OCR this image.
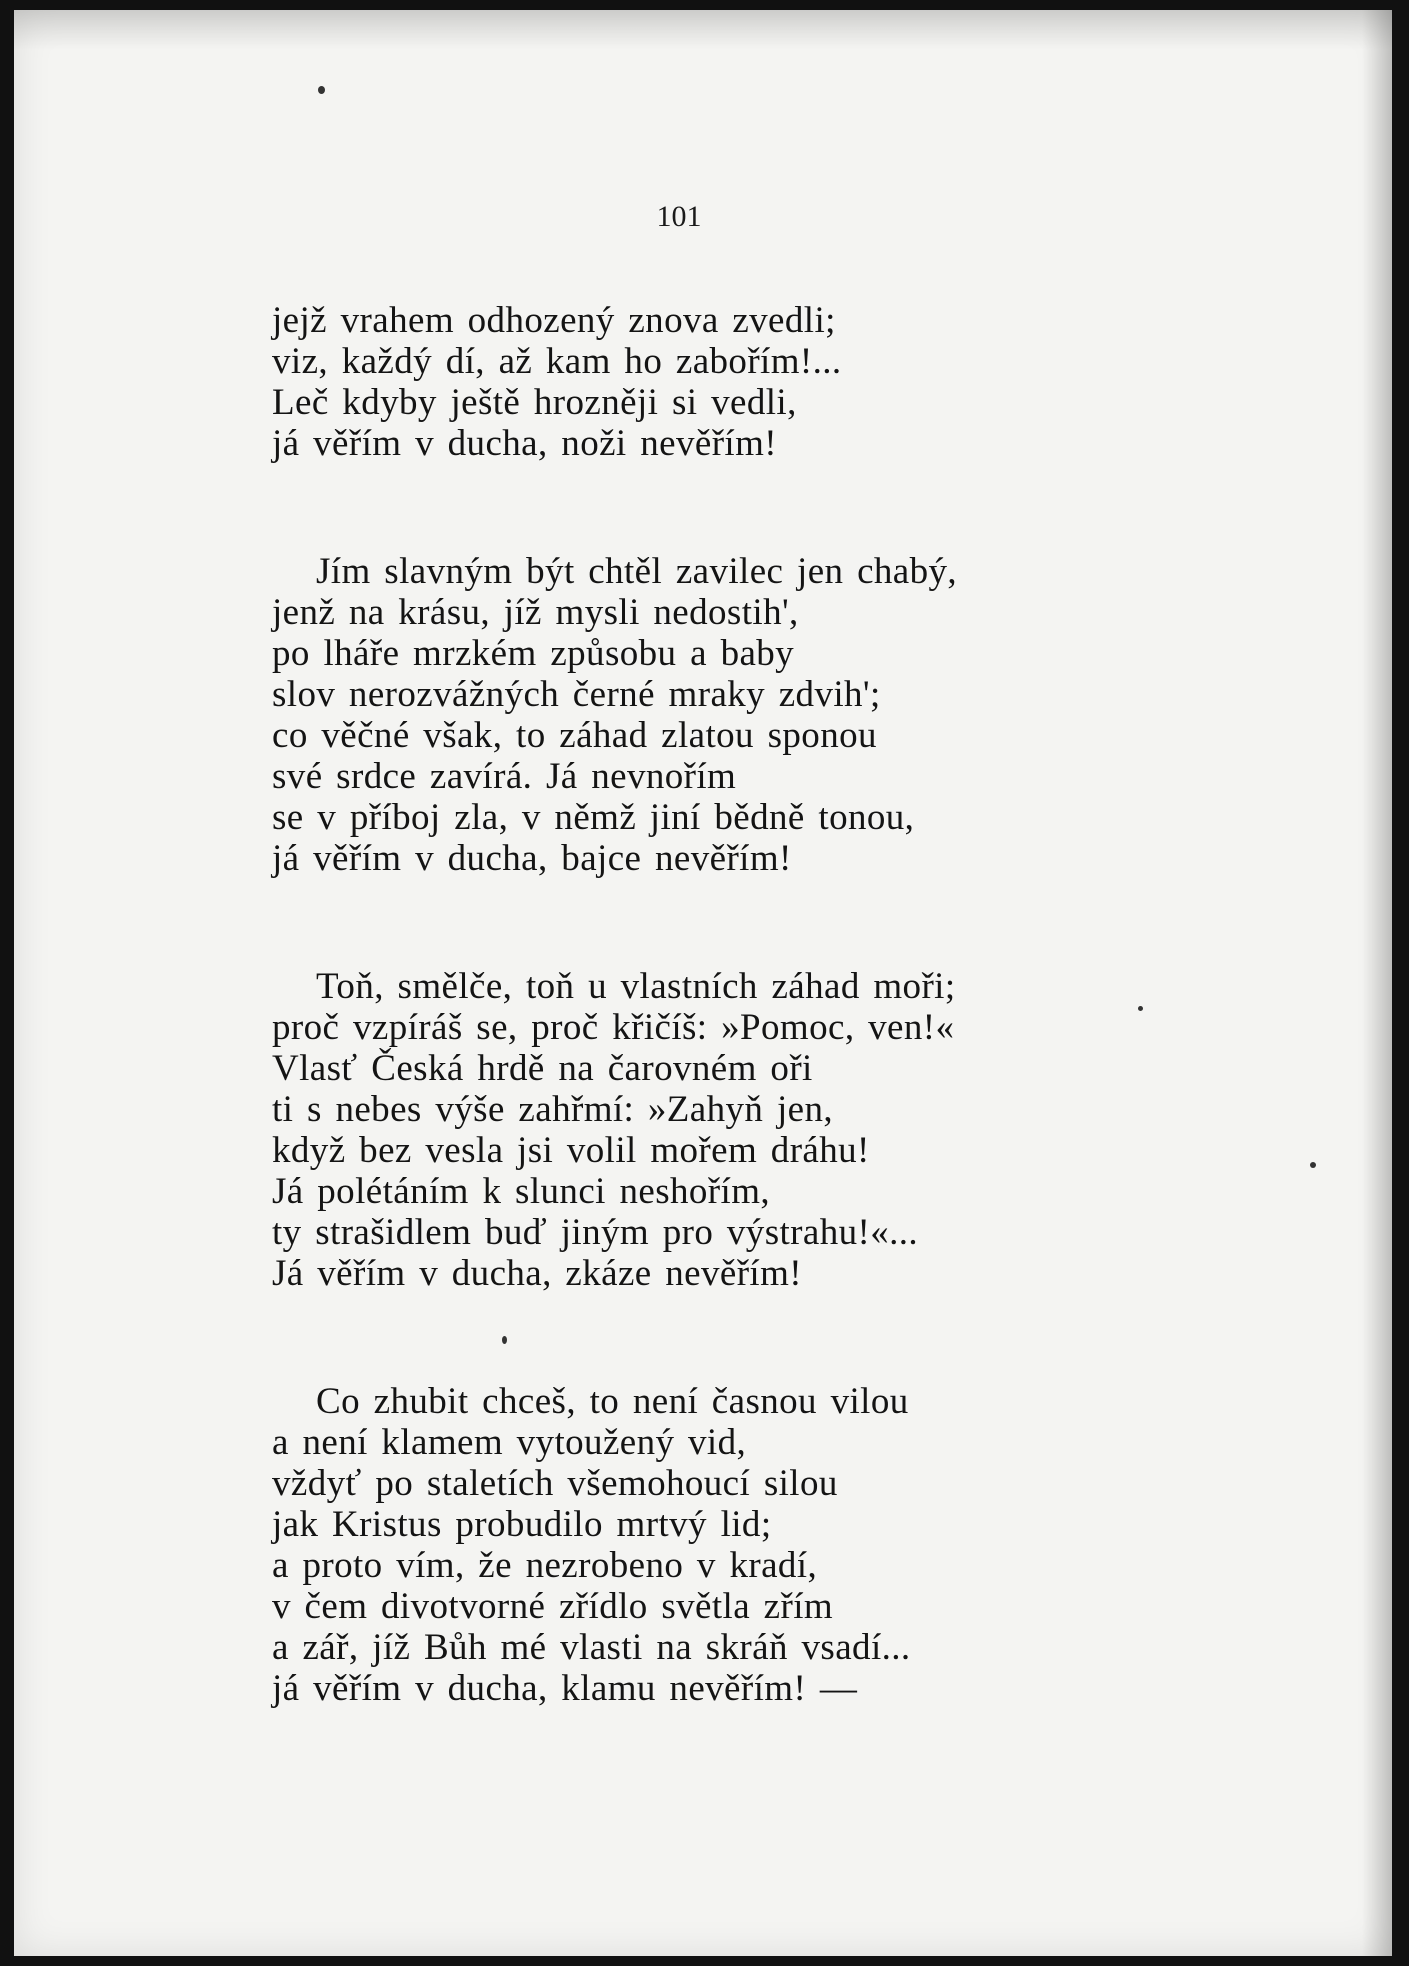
101
jejž vrahem odhozený znova zvedli;
viz, každý dí, až kam ho zabořím!...
Leč kdyby ještě hrozněji si vedli,
já věřím v ducha, noži nevěřím!
Jím slavným být chtěl zavilec jen chabý,
jenž na krásu, jíž mysli nedostih',
po lháře mrzkém způsobu a baby
slov nerozvážných černé mraky zdvih';
co věčné však, to záhad zlatou sponou
své srdce zavírá. Já nevnořím
se v příboj zla, v němž jiní bědně tonou,
já věřím v ducha, bajce nevěřím!
Toň, smělče, toň u vlastních záhad moři;
proč vzpíráš se, proč křičíš: »Pomoc, ven!«
Vlasť Česká hrdě na čarovném oři
ti s nebes výše zahřmí: »Zahyň jen,
když bez vesla jsi volil mořem dráhu!
Já polétáním k slunci neshořím,
ty strašidlem buď jiným pro výstrahu!«...
Já věřím v ducha, zkáze nevěřím!
Co zhubit chceš, to není časnou vilou
a není klamem vytoužený vid,
vždyť po staletích všemohoucí silou
jak Kristus probudilo mrtvý lid;
a proto vím, že nezrobeno v kradí,
v čem divotvorné zřídlo světla zřím
a zář, jíž Bůh mé vlasti na skráň vsadí...
já věřím v ducha, klamu nevěřím! —
